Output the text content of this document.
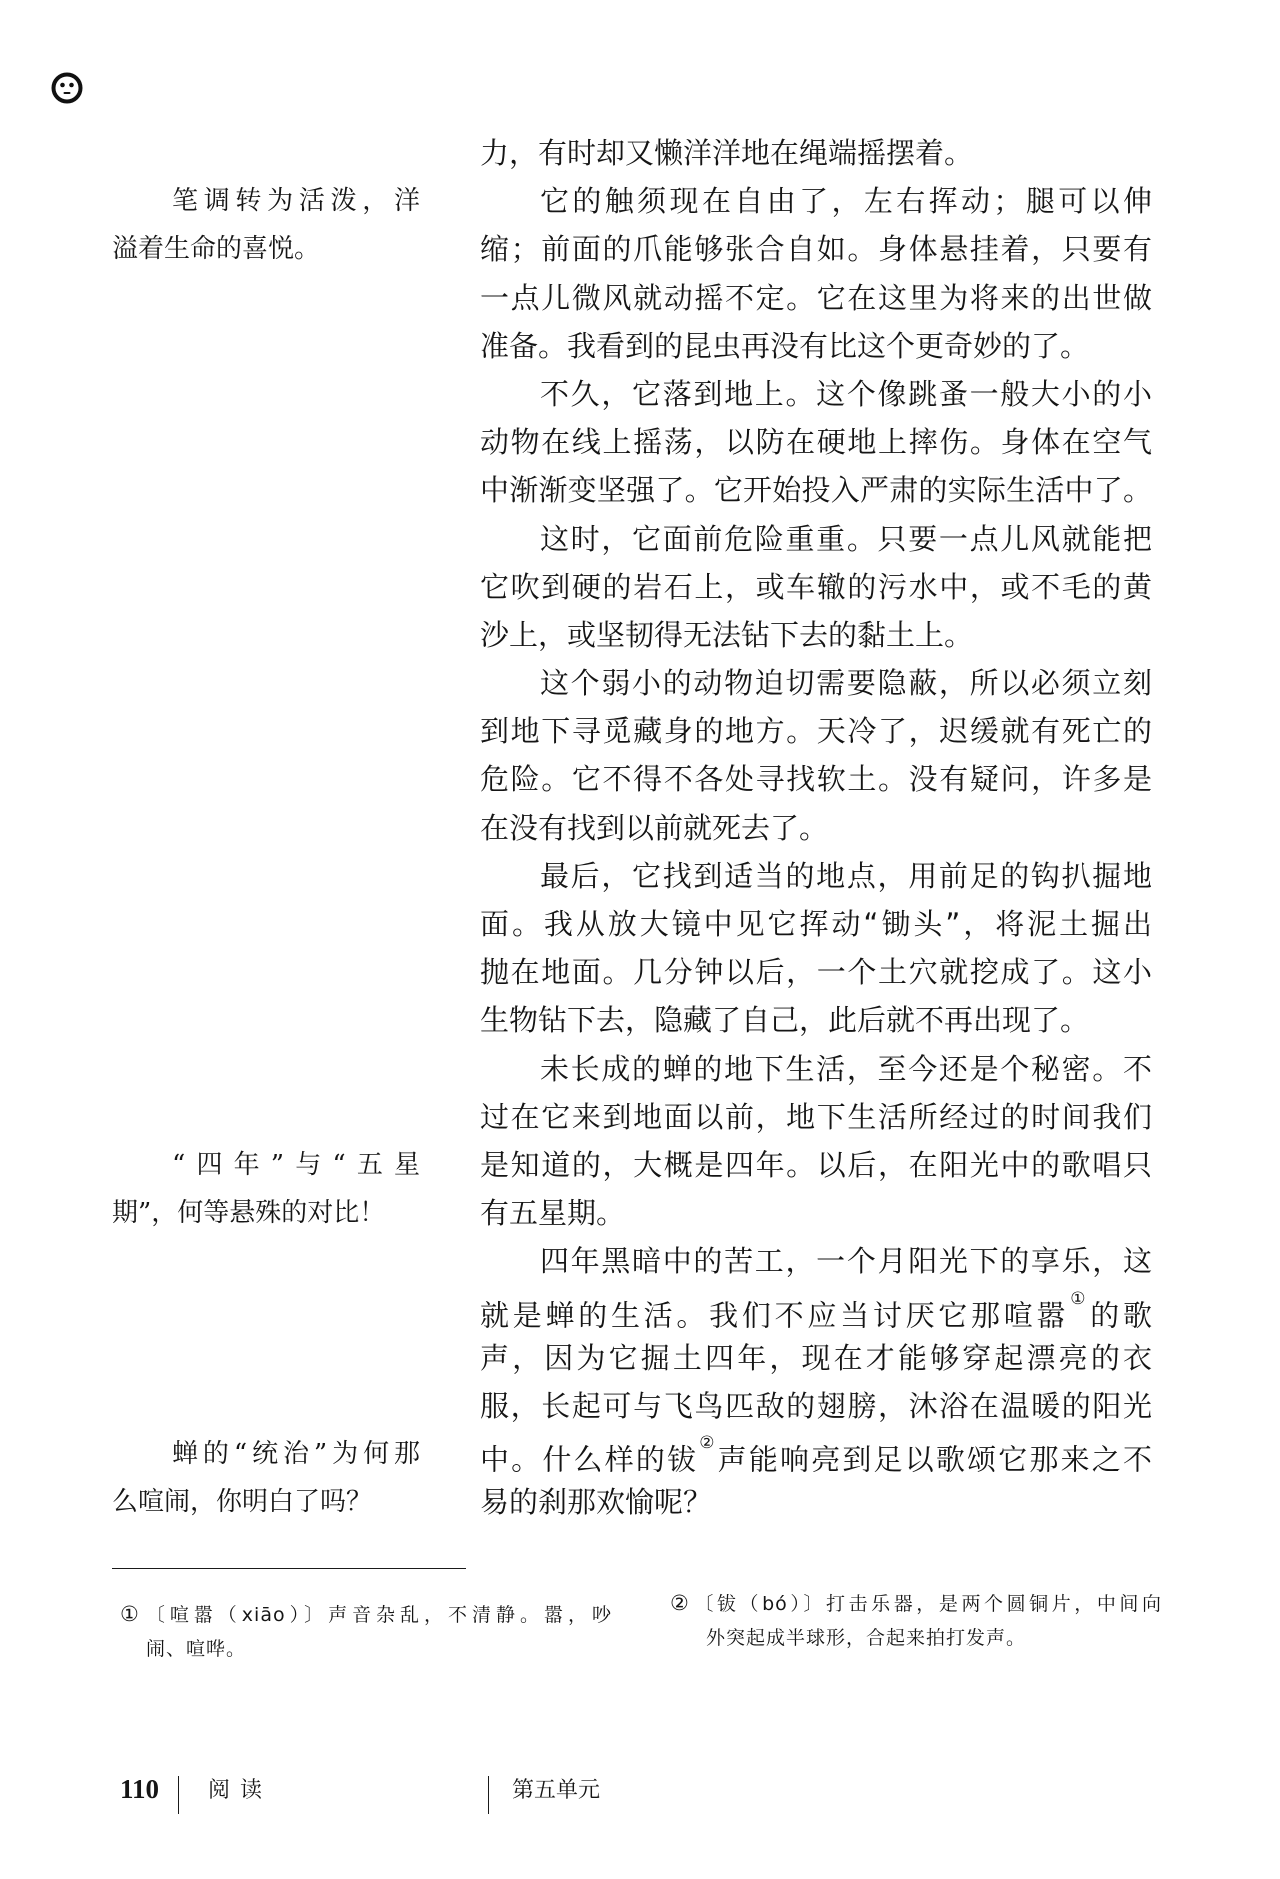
力，有时却又懒洋洋地在绳端摇摆着。
它的触须现在自由了，左右挥动；腿可以伸
缩；前面的爪能够张合自如。身体悬挂着，只要有
一点儿微风就动摇不定。它在这里为将来的出世做
准备。我看到的昆虫再没有比这个更奇妙的了。
不久，它落到地上。这个像跳蚤一般大小的小
动物在线上摇荡，以防在硬地上摔伤。身体在空气
中渐渐变坚强了。它开始投入严肃的实际生活中了。
这时，它面前危险重重。只要一点儿风就能把
它吹到硬的岩石上，或车辙的污水中，或不毛的黄
沙上，或坚韧得无法钻下去的黏土上。
这个弱小的动物迫切需要隐蔽，所以必须立刻
到地下寻觅藏身的地方。天冷了，迟缓就有死亡的
危险。它不得不各处寻找软土。没有疑问，许多是
在没有找到以前就死去了。
最后，它找到适当的地点，用前足的钩扒掘地
面。我从放大镜中见它挥动“锄头”，将泥土掘出
抛在地面。几分钟以后，一个土穴就挖成了。这小
生物钻下去，隐藏了自己，此后就不再出现了。
未长成的蝉的地下生活，至今还是个秘密。不
过在它来到地面以前，地下生活所经过的时间我们
是知道的，大概是四年。以后，在阳光中的歌唱只
有五星期。
四年黑暗中的苦工，一个月阳光下的享乐，这
就是蝉的生活。我们不应当讨厌它那喧嚣①的歌
声，因为它掘土四年，现在才能够穿起漂亮的衣
服，长起可与飞鸟匹敌的翅膀，沐浴在温暖的阳光
中。什么样的钹②声能响亮到足以歌颂它那来之不
易的刹那欢愉呢？
笔调转为活泼，洋
溢着生命的喜悦。
“四年”与“五星
期”，何等悬殊的对比！
蝉的“统治”为何那
么喧闹，你明白了吗？
① 〔喧嚣（xiāo）〕声音杂乱，不清静。嚣，吵
闹、喧哗。
② 〔钹（bó）〕打击乐器，是两个圆铜片，中间向
外突起成半球形，合起来拍打发声。
110 阅读	第五单元
